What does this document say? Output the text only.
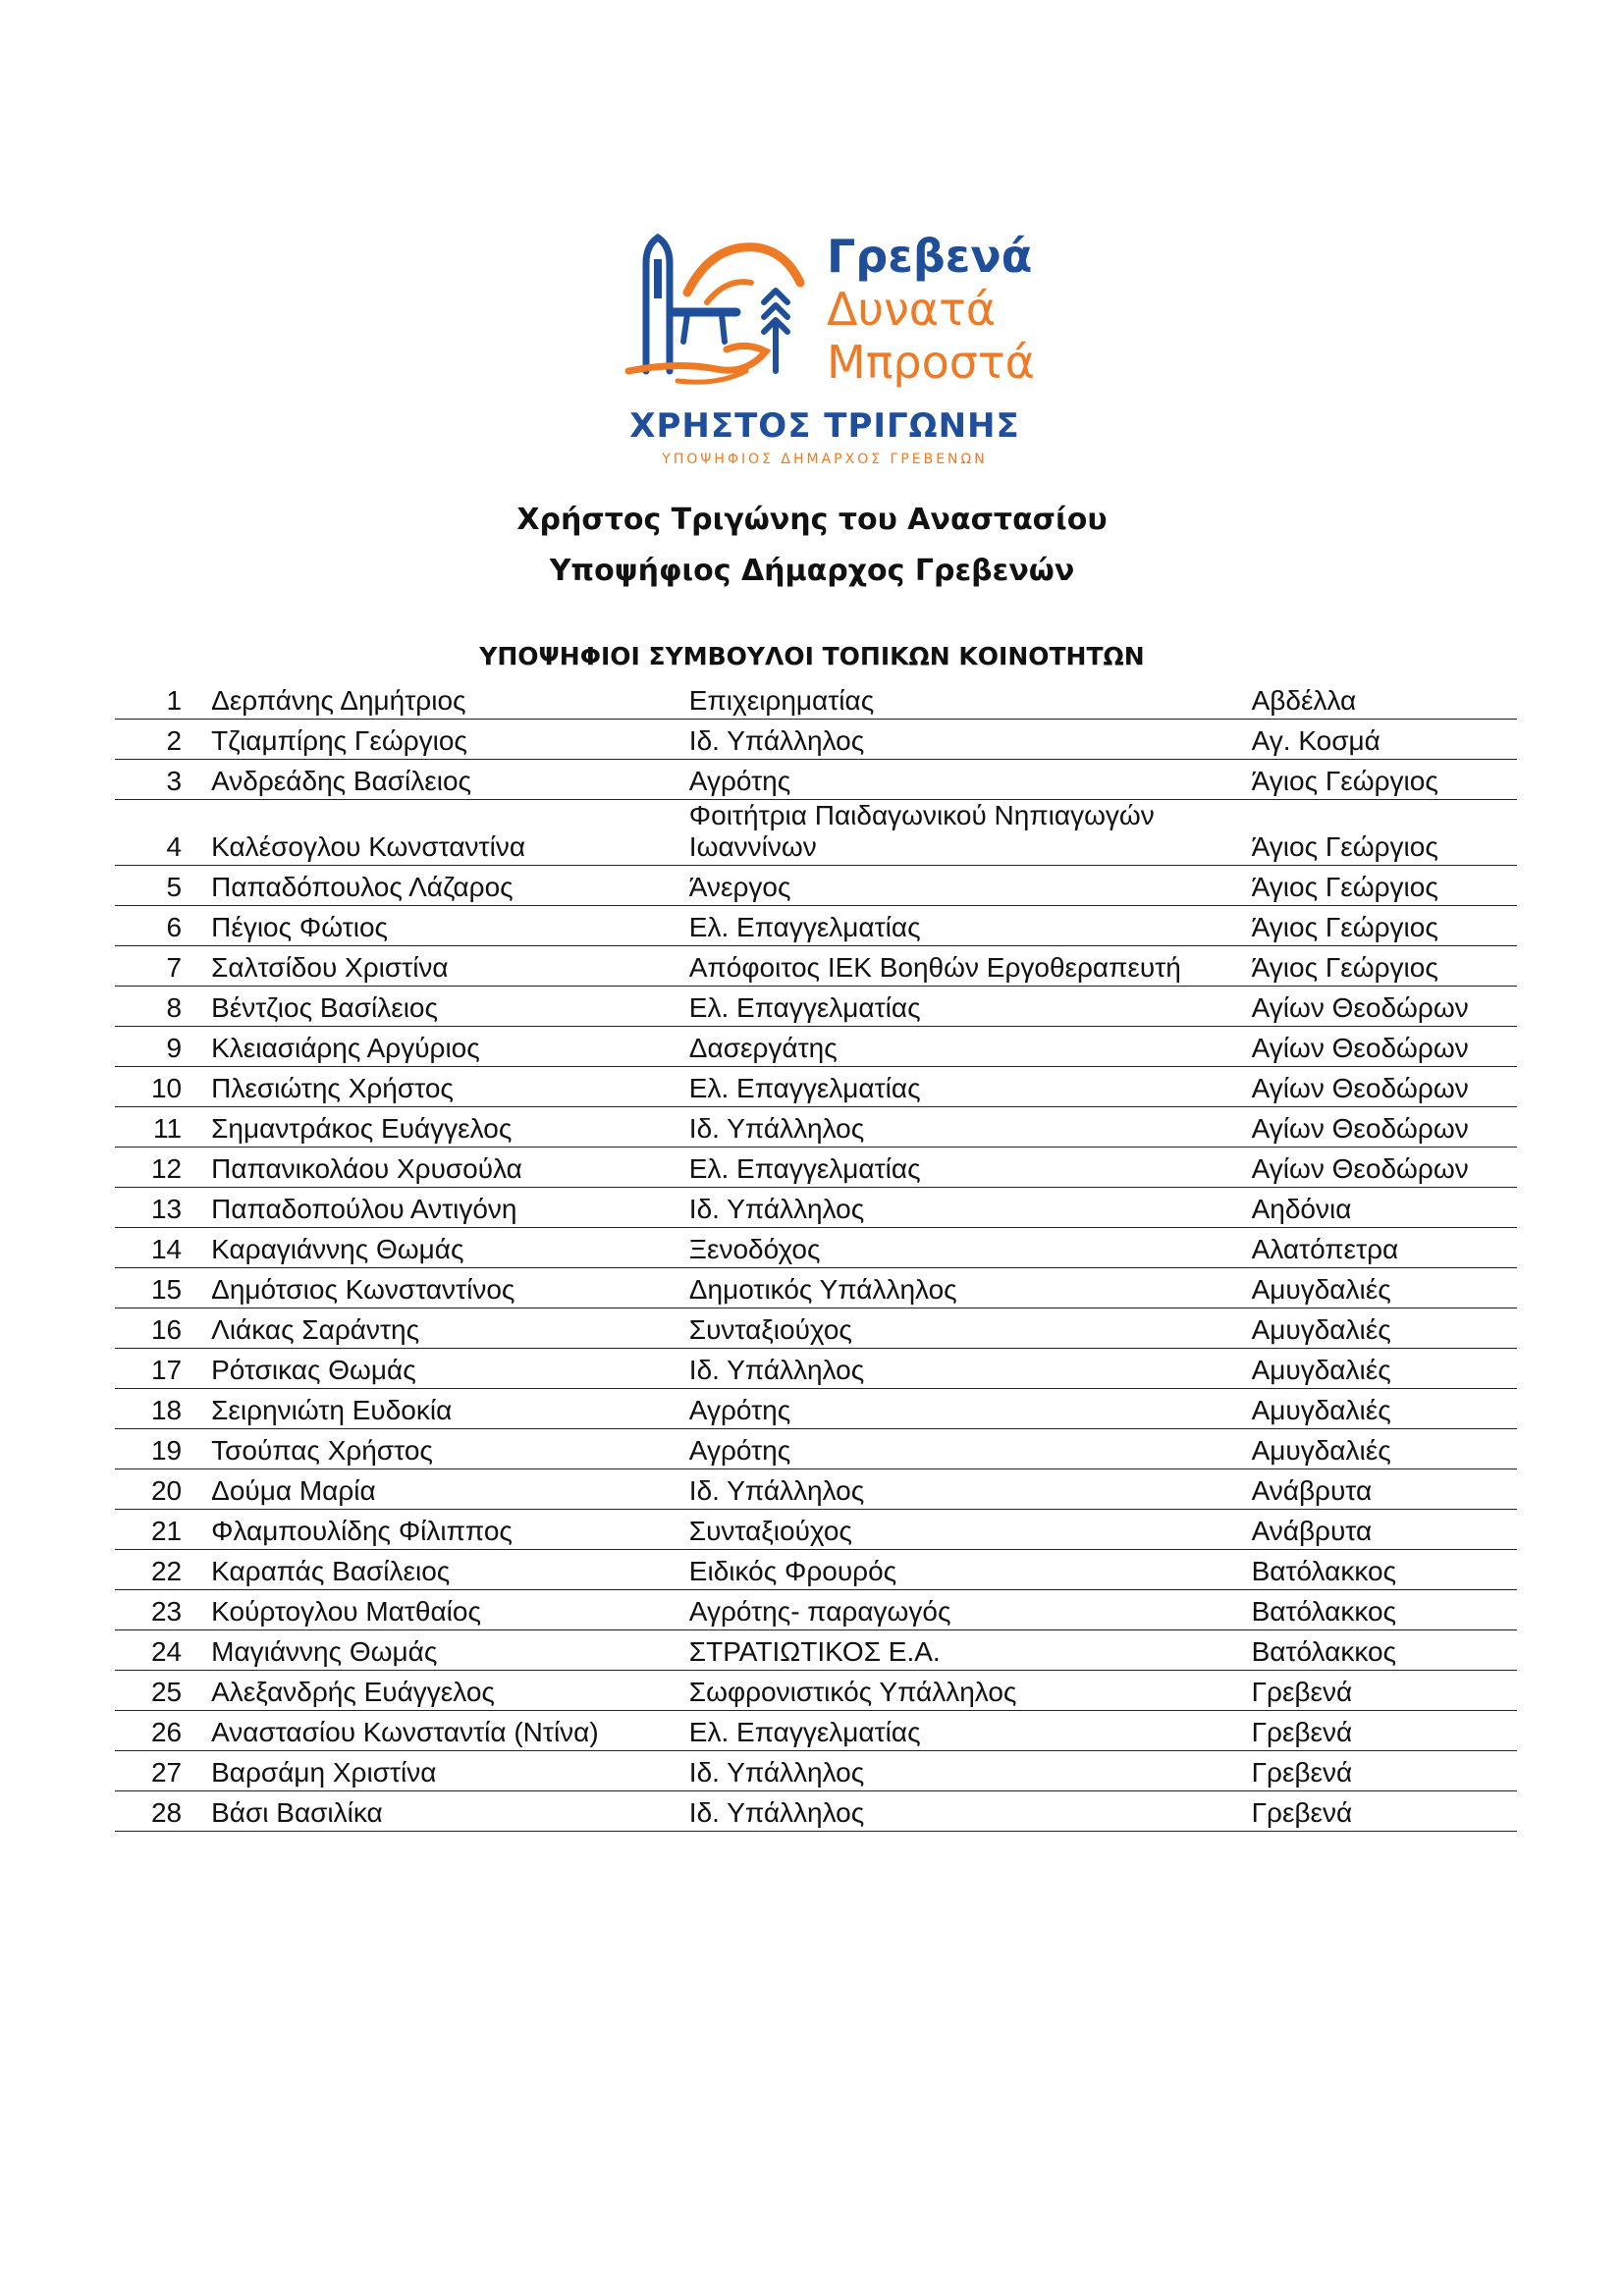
Γρεβενά
Δυνατά
Μπροστά
ΧΡΗΣΤΟΣ ΤΡΙΓΩΝΗΣ
ΥΠΟΨΗΦΙΟΣ ΔΗΜΑΡΧΟΣ ΓΡΕΒΕΝΩΝ
Χρήστος Τριγώνης του Αναστασίου
Υποψήφιος Δήμαρχος Γρεβενών
ΥΠΟΨΗΦΙΟΙ ΣΥΜΒΟΥΛΟΙ ΤΟΠΙΚΩΝ ΚΟΙΝΟΤΗΤΩΝ
1	Δερπάνης Δημήτριος	Επιχειρηματίας	Αβδέλλα
2	Τζιαμπίρης Γεώργιος	Ιδ. Υπάλληλος	Αγ. Κοσμά
3	Ανδρεάδης Βασίλειος	Αγρότης	Άγιος Γεώργιος
4	Καλέσογλου Κωνσταντίνα	Φοιτήτρια Παιδαγωνικού Νηπιαγωγών Ιωαννίνων	Άγιος Γεώργιος
5	Παπαδόπουλος Λάζαρος	Άνεργος	Άγιος Γεώργιος
6	Πέγιος Φώτιος	Ελ. Επαγγελματίας	Άγιος Γεώργιος
7	Σαλτσίδου Χριστίνα	Απόφοιτος ΙΕΚ Βοηθών Εργοθεραπευτή	Άγιος Γεώργιος
8	Βέντζιος Βασίλειος	Ελ. Επαγγελματίας	Αγίων Θεοδώρων
9	Κλειασιάρης Αργύριος	Δασεργάτης	Αγίων Θεοδώρων
10	Πλεσιώτης Χρήστος	Ελ. Επαγγελματίας	Αγίων Θεοδώρων
11	Σημαντράκος Ευάγγελος	Ιδ. Υπάλληλος	Αγίων Θεοδώρων
12	Παπανικολάου Χρυσούλα	Ελ. Επαγγελματίας	Αγίων Θεοδώρων
13	Παπαδοπούλου Αντιγόνη	Ιδ. Υπάλληλος	Αηδόνια
14	Καραγιάννης Θωμάς	Ξενοδόχος	Αλατόπετρα
15	Δημότσιος Κωνσταντίνος	Δημοτικός Υπάλληλος	Αμυγδαλιές
16	Λιάκας Σαράντης	Συνταξιούχος	Αμυγδαλιές
17	Ρότσικας Θωμάς	Ιδ. Υπάλληλος	Αμυγδαλιές
18	Σειρηνιώτη Ευδοκία	Αγρότης	Αμυγδαλιές
19	Τσούπας Χρήστος	Αγρότης	Αμυγδαλιές
20	Δούμα Μαρία	Ιδ. Υπάλληλος	Ανάβρυτα
21	Φλαμπουλίδης Φίλιππος	Συνταξιούχος	Ανάβρυτα
22	Καραπάς Βασίλειος	Ειδικός Φρουρός	Βατόλακκος
23	Κούρτογλου Ματθαίος	Αγρότης- παραγωγός	Βατόλακκος
24	Μαγιάννης Θωμάς	ΣΤΡΑΤΙΩΤΙΚΟΣ Ε.Α.	Βατόλακκος
25	Αλεξανδρής Ευάγγελος	Σωφρονιστικός Υπάλληλος	Γρεβενά
26	Αναστασίου Κωνσταντία (Ντίνα)	Ελ. Επαγγελματίας	Γρεβενά
27	Βαρσάμη Χριστίνα	Ιδ. Υπάλληλος	Γρεβενά
28	Βάσι Βασιλίκα	Ιδ. Υπάλληλος	Γρεβενά
